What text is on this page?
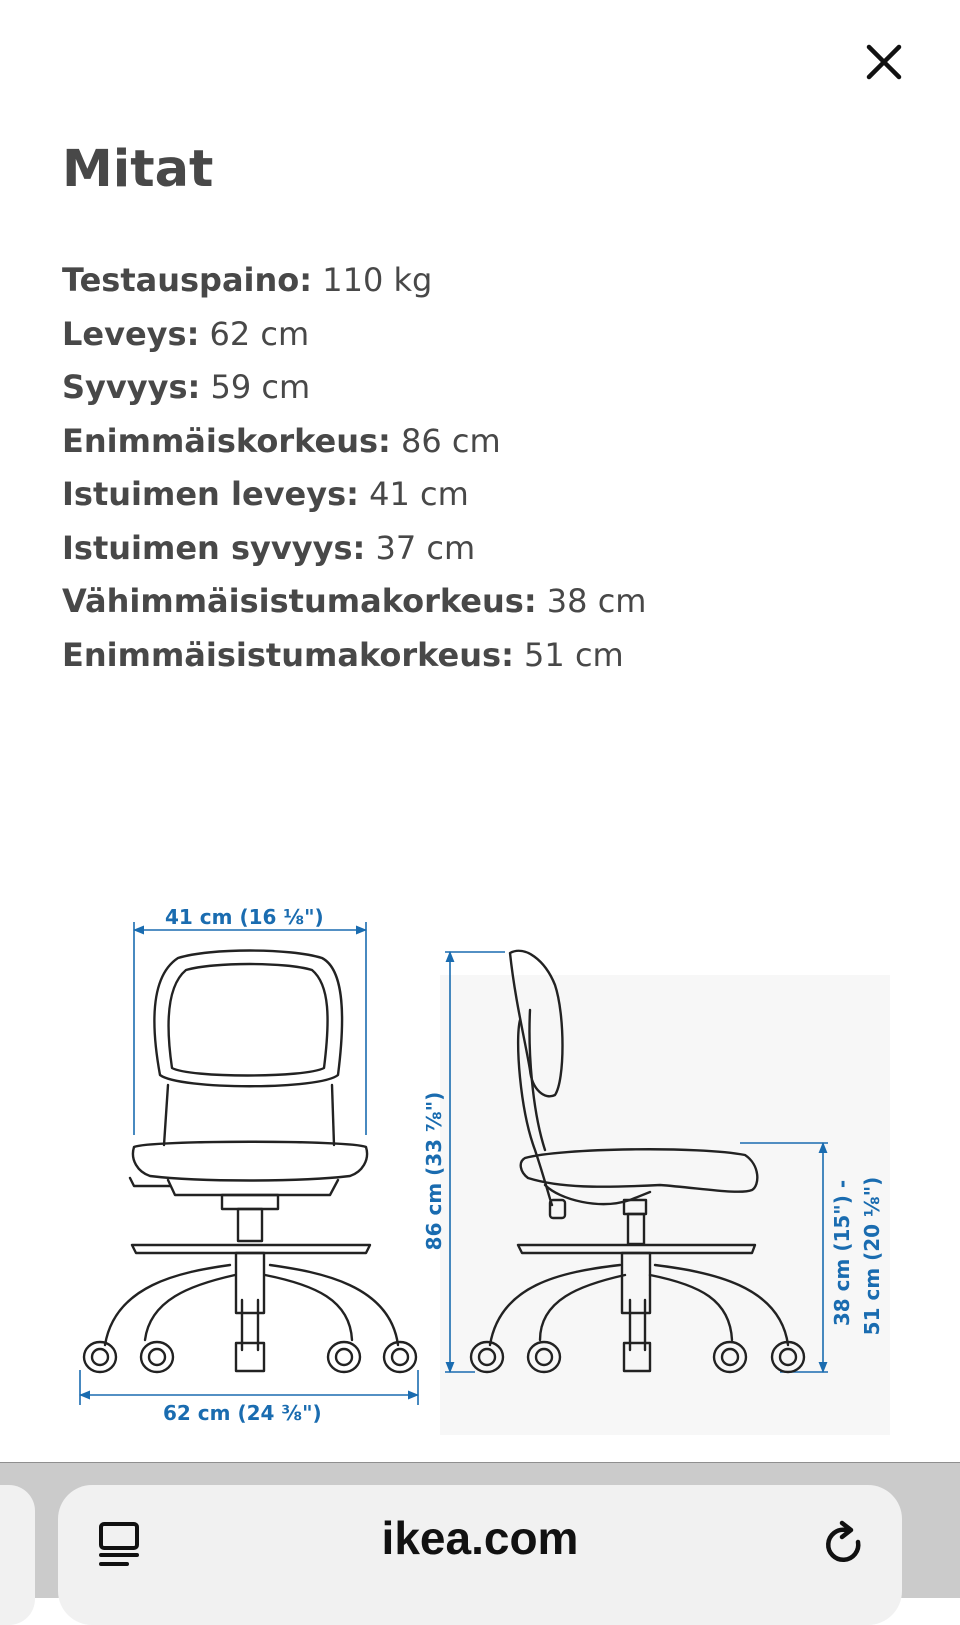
Mitat
Testauspaino: 110 kg
Leveys: 62 cm
Syvyys: 59 cm
Enimmäiskorkeus: 86 cm
Istuimen leveys: 41 cm
Istuimen syvyys: 37 cm
Vähimmäisistumakorkeus: 38 cm
Enimmäisistumakorkeus: 51 cm
41 cm (16 ⅛")
62 cm (24 ⅜")
86 cm (33 ⅞")
38 cm (15") - 51 cm (20 ⅛")
ikea.com
